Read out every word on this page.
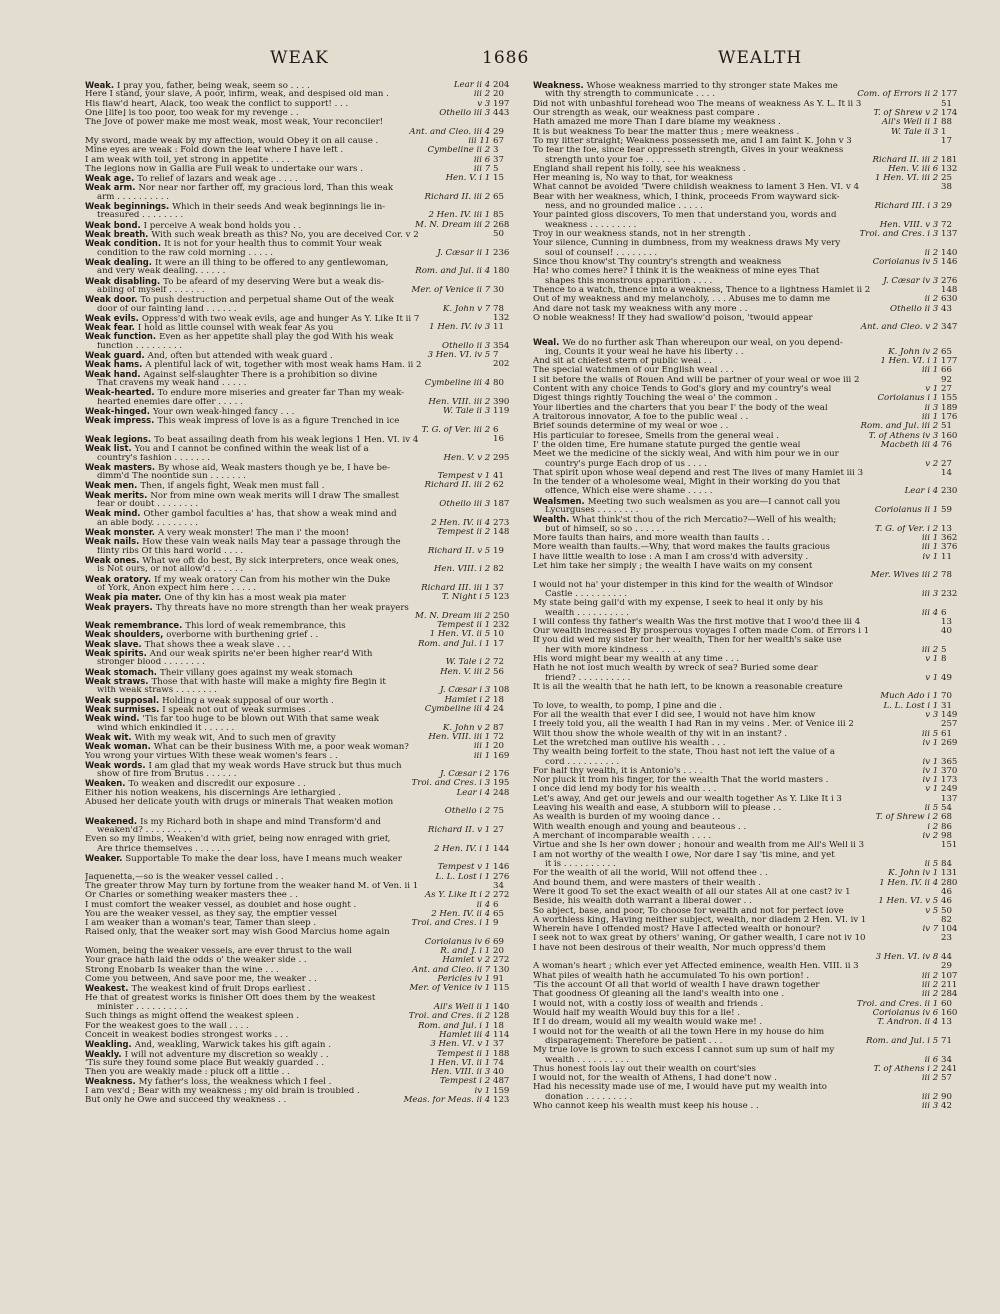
WEAK	1686	WEALTH
Weak. I pray you, father, being weak, seem so . . . .	Lear ii 4 204
Here I stand, your slave, A poor, infirm, weak, and despised old man .	iii 2 20
His flaw'd heart, Alack, too weak the conflict to support! . . .	v 3 197
One [life] is too poor, too weak for my revenge . .	Othello iii 3 443
The Jove of power make me most weak, most weak, Your reconciler!
Ant. and Cleo. iii 4 29
My sword, made weak by my affection, would Obey it on all cause .	iii 11 67
Mine eyes are weak : Fold down the leaf where I have left .	Cymbeline ii 2 3
I am weak with toil, yet strong in appetite . . . .	iii 6 37
The legions now in Gallia are Full weak to undertake our wars .	iii 7 5
Weak age. To relief of lazars and weak age . . . .	Hen. V. i 1 15
Weak arm. Nor near nor farther off, my gracious lord, Than this weak
arm . . . . . . . . . .	Richard II. iii 2 65
Weak beginnings. Which in their seeds And weak beginnings lie in-
treasured . . . . . . . .	2 Hen. IV. iii 1 85
Weak bond. I perceive A weak bond holds you . .	M. N. Dream iii 2 268
Weak breath. With such weak breath as this? No, you are deceived Cor. v 2	50
Weak condition. It is not for your health thus to commit Your weak
condition to the raw cold morning . . . . .	J. Cæsar ii 1 236
Weak dealing. It were an ill thing to be offered to any gentlewoman,
and very weak dealing. . . . . .	Rom. and Jul. ii 4 180
Weak disabling. To be afeard of my deserving Were but a weak dis-
abling of myself . . . . . . .	Mer. of Venice ii 7 30
Weak door. To push destruction and perpetual shame Out of the weak
door of our fainting land . . . . . .	K. John v 7 78
Weak evils. Oppress'd with two weak evils, age and hunger As Y. Like It ii 7	132
Weak fear. I hold as little counsel with weak fear As you	1 Hen. IV. iv 3 11
Weak function. Even as her appetite shall play the god With his weak
function . . . . . . . . .	Othello ii 3 354
Weak guard. And, often but attended with weak guard .	3 Hen. VI. iv 5 7
Weak hams. A plentiful lack of wit, together with most weak hams Ham. ii 2	202
Weak hand. Against self-slaughter There is a prohibition so divine
That cravens my weak hand . . . . .	Cymbeline iii 4 80
Weak-hearted. To endure more miseries and greater far Than my weak-
hearted enemies dare offer . . . . .	Hen. VIII. iii 2 390
Weak-hinged. Your own weak-hinged fancy . . .	W. Tale ii 3 119
Weak impress. This weak impress of love is as a figure Trenched in ice
T. G. of Ver. iii 2 6
Weak legions. To beat assailing death from his weak legions 1 Hen. VI. iv 4	16
Weak list. You and I cannot be confined within the weak list of a
country's fashion . . . . . . .	Hen. V. v 2 295
Weak masters. By whose aid, Weak masters though ye be, I have be-
dimm'd The noontide sun . . . . . . .	Tempest v 1 41
Weak men. Then, if angels fight, Weak men must fall .	Richard II. iii 2 62
Weak merits. Nor from mine own weak merits will I draw The smallest
fear or doubt . . . . . . . .	Othello iii 3 187
Weak mind. Other gambol faculties a' has, that show a weak mind and
an able body. . . . . . . . .	2 Hen. IV. ii 4 273
Weak monster. A very weak monster! The man i' the moon!	Tempest ii 2 148
Weak nails. How these vain weak nails May tear a passage through the
flinty ribs Of this hard world . . . .	Richard II. v 5 19
Weak ones. What we oft do best, By sick interpreters, once weak ones,
is Not ours, or not allow'd . . . . . .	Hen. VIII. i 2 82
Weak oratory. If my weak oratory Can from his mother win the Duke
of York, Anon expect him here . . . . .	Richard III. iii 1 37
Weak pia mater. One of thy kin has a most weak pia mater	T. Night i 5 123
Weak prayers. Thy threats have no more strength than her weak prayers
M. N. Dream iii 2 250
Weak remembrance. This lord of weak remembrance, this	Tempest ii 1 232
Weak shoulders, overborne with burthening grief . .	1 Hen. VI. ii 5 10
Weak slave. That shows thee a weak slave . . .	Rom. and Jul. i 1 17
Weak spirits. And our weak spirits ne'er been higher rear'd With
stronger blood . . . . . . . .	W. Tale i 2 72
Weak stomach. Their villany goes against my weak stomach	Hen. V. iii 2 56
Weak straws. Those that with haste will make a mighty fire Begin it
with weak straws . . . . . . . .	J. Cæsar i 3 108
Weak supposal. Holding a weak supposal of our worth .	Hamlet i 2 18
Weak surmises. I speak not out of weak surmises .	Cymbeline iii 4 24
Weak wind. 'Tis far too huge to be blown out With that same weak
wind which enkindled it . . . . . .	K. John v 2 87
Weak wit. With my weak wit, And to such men of gravity	Hen. VIII. iii 1 72
Weak woman. What can be their business With me, a poor weak woman?	iii 1 20
You wrong your virtues With these weak women's fears . .	iii 1 169
Weak words. I am glad that my weak words Have struck but thus much
show of fire from Brutus . . . . . .	J. Cæsar i 2 176
Weaken. To weaken and discredit our exposure . .	Troi. and Cres. i 3 195
Either his notion weakens, his discernings Are lethargied .	Lear i 4 248
Abused her delicate youth with drugs or minerals That weaken motion
Othello i 2 75
Weakened. Is my Richard both in shape and mind Transform'd and
weaken'd? . . . . . . . . .	Richard II. v 1 27
Even so my limbs, Weaken'd with grief, being now enraged with grief,
Are thrice themselves . . . . . . .	2 Hen. IV. i 1 144
Weaker. Supportable To make the dear loss, have I means much weaker
Tempest v 1 146
Jaquenetta,—so is the weaker vessel called . .	L. L. Lost i 1 276
The greater throw May turn by fortune from the weaker hand M. of Ven. ii 1	34
Or Charles or something weaker masters thee . .	As Y. Like It i 2 272
I must comfort the weaker vessel, as doublet and hose ought .	ii 4 6
You are the weaker vessel, as they say, the emptier vessel	2 Hen. IV. ii 4 65
I am weaker than a woman's tear, Tamer than sleep .	Troi. and Cres. i 1 9
Raised only, that the weaker sort may wish Good Marcius home again
Coriolanus iv 6 69
Women, being the weaker vessels, are ever thrust to the wall	R. and J. i 1 20
Your grace hath laid the odds o' the weaker side . .	Hamlet v 2 272
Strong Enobarb Is weaker than the wine . . .	Ant. and Cleo. ii 7 130
Come you between, And save poor me, the weaker . .	Pericles iv 1 91
Weakest. The weakest kind of fruit Drops earliest .	Mer. of Venice iv 1 115
He that of greatest works is finisher Oft does them by the weakest
minister . . . . . . . . . .	All's Well ii 1 140
Such things as might offend the weakest spleen .	Troi. and Cres. ii 2 128
For the weakest goes to the wall . . . .	Rom. and Jul. i 1 18
Conceit in weakest bodies strongest works . . .	Hamlet iii 4 114
Weakling. And, weakling, Warwick takes his gift again .	3 Hen. VI. v 1 37
Weakly. I will not adventure my discretion so weakly . .	Tempest ii 1 188
'Tis sure they found some place But weakly guarded . .	1 Hen. VI. ii 1 74
Then you are weakly made : pluck off a little . .	Hen. VIII. ii 3 40
Weakness. My father's loss, the weakness which I feel .	Tempest i 2 487
I am vex'd ; Bear with my weakness ; my old brain is troubled .	iv 1 159
But only he Owe and succeed thy weakness . .	Meas. for Meas. ii 4 123
Weakness. Whose weakness married to thy stronger state Makes me
with thy strength to communicate . . . .	Com. of Errors ii 2 177
Did not with unbashful forehead woo The means of weakness As Y. L. It ii 3	51
Our strength as weak, our weakness past compare .	T. of Shrew v 2 174
Hath amazed me more Than I dare blame my weakness .	All's Well ii 1 88
It is but weakness To bear the matter thus ; mere weakness .	W. Tale ii 3 1
To my litter straight; Weakness possesseth me, and I am faint K. John v 3	17
To fear the foe, since fear oppresseth strength, Gives in your weakness
strength unto your foe . . . . . .	Richard II. iii 2 181
England shall repent his folly, see his weakness .	Hen. V. iii 6 132
Her meaning is, No way to that, for weakness	1 Hen. VI. iii 2 25
What cannot be avoided 'Twere childish weakness to lament 3 Hen. VI. v 4	38
Bear with her weakness, which, I think, proceeds From wayward sick-
ness, and no grounded malice . . . . .	Richard III. i 3 29
Your painted gloss discovers, To men that understand you, words and
weakness . . . . . . . . .	Hen. VIII. v 3 72
Troy in our weakness stands, not in her strength .	Troi. and Cres. i 3 137
Your silence, Cunning in dumbness, from my weakness draws My very
soul of counsel! . . . . . . . .	ii 2 140
Since thou know'st Thy country's strength and weakness	Coriolanus iv 5 146
Ha! who comes here? I think it is the weakness of mine eyes That
shapes this monstrous apparition . . . .	J. Cæsar iv 3 276
Thence to a watch, thence into a weakness, Thence to a lightness Hamlet ii 2	148
Out of my weakness and my melancholy, . . . Abuses me to damn me	ii 2 630
And dare not task my weakness with any more . .	Othello ii 3 43
O noble weakness! If they had swallow'd poison, 'twould appear
Ant. and Cleo. v 2 347
Weal. We do no further ask Than whereupon our weal, on you depend-
ing, Counts it your weal he have his liberty . .	K. John iv 2 65
And sit at chiefest stern of public weal . .	1 Hen. VI. i 1 177
The special watchmen of our English weal . . .	iii 1 66
I sit before the walls of Rouen And will be partner of your weal or woe iii 2	92
Content with any choice Tends to God's glory and my country's weal	v 1 27
Digest things rightly Touching the weal o' the common .	Coriolanus i 1 155
Your liberties and the charters that you bear I' the body of the weal	ii 3 189
A traitorous innovator, A foe to the public weal . .	iii 1 176
Brief sounds determine of my weal or woe . .	Rom. and Jul. iii 2 51
His particular to foresee, Smells from the general weal .	T. of Athens iv 3 160
I' the olden time, Ere humane statute purged the gentle weal	Macbeth iii 4 76
Meet we the medicine of the sickly weal, And with him pour we in our
country's purge Each drop of us . . . .	v 2 27
That spirit upon whose weal depend and rest The lives of many Hamlet iii 3	14
In the tender of a wholesome weal, Might in their working do you that
offence, Which else were shame . . . . .	Lear i 4 230
Wealsmen. Meeting two such wealsmen as you are—I cannot call you
Lycurguses . . . . . . . .	Coriolanus ii 1 59
Wealth. What think'st thou of the rich Mercatio?—Well of his wealth;
but of himself, so so . . . . . .	T. G. of Ver. i 2 13
More faults than hairs, and more wealth than faults . .	iii 1 362
More wealth than faults.—Why, that word makes the faults gracious	iii 1 376
I have little wealth to lose : A man I am cross'd with adversity .	iv 1 11
Let him take her simply ; the wealth I have waits on my consent
Mer. Wives iii 2 78
I would not ha' your distemper in this kind for the wealth of Windsor
Castle . . . . . . . . . .	iii 3 232
My state being gall'd with my expense, I seek to heal it only by his
wealth . . . . . . . . . .	iii 4 6
I will confess thy father's wealth Was the first motive that I woo'd thee iii 4	13
Our wealth increased By prosperous voyages I often made Com. of Errors i 1	40
If you did wed my sister for her wealth, Then for her wealth's sake use
her with more kindness . . . . . .	iii 2 5
His word might bear my wealth at any time . . .	v 1 8
Hath he not lost much wealth by wreck of sea? Buried some dear
friend? . . . . . . . . . .	v 1 49
It is all the wealth that he hath left, to be known a reasonable creature
Much Ado i 1 70
To love, to wealth, to pomp, I pine and die .	L. L. Lost i 1 31
For all the wealth that ever I did see, I would not have him know	v 3 149
I freely told you, all the wealth I had Ran in my veins . Mer. of Venice iii 2	257
Wilt thou show the whole wealth of thy wit in an instant? .	iii 5 61
Let the wretched man outlive his wealth . . .	iv 1 269
Thy wealth being forfeit to the state, Thou hast not left the value of a
cord . . . . . . . . . .	iv 1 365
For half thy wealth, it is Antonio's . . . .	iv 1 370
Nor pluck it from his finger, for the wealth That the world masters .	iv 1 173
I once did lend my body for his wealth . . .	v 1 249
Let's away, And get our jewels and our wealth together As Y. Like It i 3	137
Leaving his wealth and ease, A stubborn will to please . .	ii 5 54
As wealth is burden of my wooing dance . .	T. of Shrew i 2 68
With wealth enough and young and beauteous . .	i 2 86
A merchant of incomparable wealth . . . .	iv 2 98
Virtue and she Is her own dower ; honour and wealth from me All's Well ii 3	151
I am not worthy of the wealth I owe, Nor dare I say 'tis mine, and yet
it is . . . . . . . . . .	ii 5 84
For the wealth of all the world, Will not offend thee . .	K. John iv 1 131
And bound them, and were masters of their wealth .	1 Hen. IV. ii 4 280
Were it good To set the exact wealth of all our states All at one cast? iv 1	46
Beside, his wealth doth warrant a liberal dower . .	1 Hen. VI. v 5 46
So abject, base, and poor, To choose for wealth and not for perfect love	v 5 50
A worthless king, Having neither subject, wealth, nor diadem 2 Hen. VI. iv 1	82
Wherein have I offended most? Have I affected wealth or honour?	iv 7 104
I seek not to wax great by others' waning, Or gather wealth, I care not iv 10	23
I have not been desirous of their wealth, Nor much oppress'd them
3 Hen. VI. iv 8 44
A woman's heart ; which ever yet Affected eminence, wealth Hen. VIII. ii 3	29
What piles of wealth hath he accumulated To his own portion! .	iii 2 107
'Tis the account Of all that world of wealth I have drawn together	iii 2 211
That goodness Of gleaning all the land's wealth into one .	iii 2 284
I would not, with a costly loss of wealth and friends .	Troi. and Cres. ii 1 60
Would half my wealth Would buy this for a lie! .	Coriolanus iv 6 160
If I do dream, would all my wealth would wake me! .	T. Andron. ii 4 13
I would not for the wealth of all the town Here in my house do him
disparagement: Therefore be patient . . .	Rom. and Jul. i 5 71
My true love is grown to such excess I cannot sum up sum of half my
wealth . . . . . . . . . .	ii 6 34
Thus honest fools lay out their wealth on court'sies	T. of Athens i 2 241
I would not, for the wealth of Athens, I had done't now .	iii 2 57
Had his necessity made use of me, I would have put my wealth into
donation . . . . . . . . .	iii 2 90
Who cannot keep his wealth must keep his house . .	iii 3 42
